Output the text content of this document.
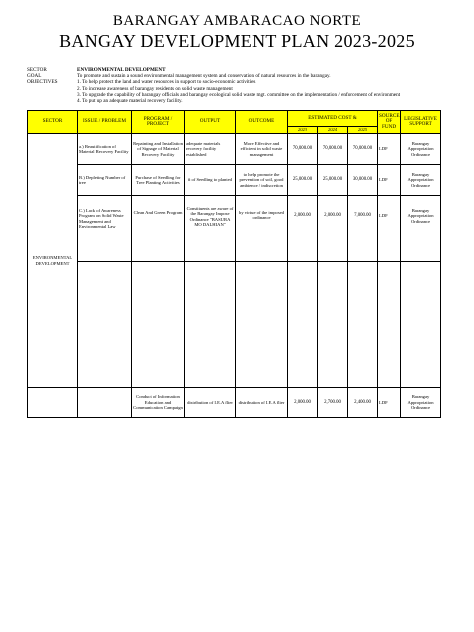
BARANGAY AMBARACAO NORTE
BANGAY DEVELOPMENT PLAN 2023-2025
SECTOR	ENVIRONMENTAL DEVELOPMENT
GOAL	To promote and sustain a sound environmental management system and conservation of natural resources in the barangay.
OBJECTIVES	1. To help protect the land and water resources in support to socio-economic activities
2. To increase awareness of barangay residents on solid waste management
3. To upgrade the capability of barangay officials and barangay ecological solid waste mgt. committee on the implementation / enforcement of environment
4. To put up an adequate material recovery facility.
SECTOR	ISSUE / PROBLEM	PROGRAM / PROJECT	OUTPUT	OUTCOME	ESTIMATED COST &			SOURCE OF FUND	LEGISLATIVE SUPPORT
					2023	2024	2025		
ENVIRONMENTAL DEVELOPMENT	a.) Beautification of Material Recovery Facility	Repainting and Installation of Signage of Material Recovery Facility	adequate materials recovery facility established	More Effective and efficient in solid waste management	70,000.00	70,000.00	70,000.00	LDF	Barangay Appropriation Ordinance
	B.) Depleting Number of tree	Purchase of Seedling for Tree Planting Activities	# of Seedling to planted	to help promote the prevention of soil, good ambience / indiscretion	25,000.00	25,000.00	30,000.00	LDF	Barangay Appropriation Ordinance
	C.) Lack of Awareness Program on Solid Waste Management and Environmental Law	Clean And Green Program	Constituents are aware of the Barangay Impose Ordinance "BASURA MO DALHIAN"	by virtue of the imposed ordinance	2,000.00	2,000.00	7,000.00	LDF	Barangay Appropriation Ordinance

		Conduct of Information Education and Communication Campaign	distribution of I.E.A flier	distribution of I.E.A flier	2,000.00	2,700.00	2,400.00	LDF	Barangay Appropriation Ordinance
